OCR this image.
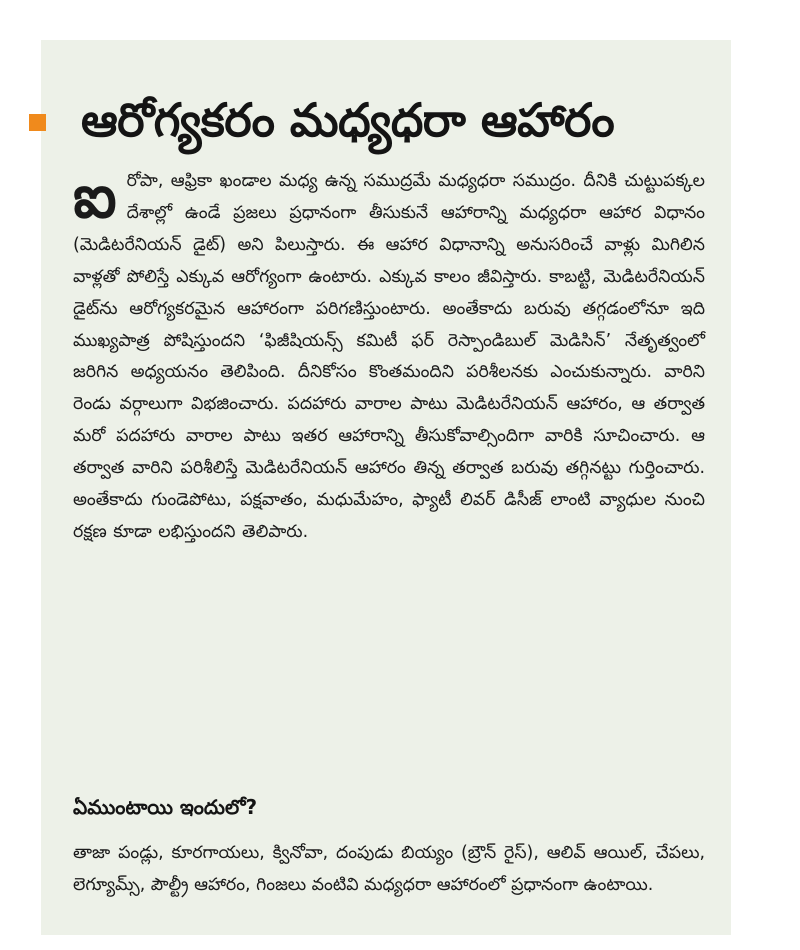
ఆరోగ్యకరం మధ్యధరా ఆహారం
ఐ రోపా, ఆఫ్రికా ఖండాల మధ్య ఉన్న సముద్రమే మధ్యధరా సముద్రం. దీనికి చుట్టుపక్కల దేశాల్లో ఉండే ప్రజలు ప్రధానంగా తీసుకునే ఆహారాన్ని మధ్యధరా ఆహార విధానం (మెడిటరేనియన్ డైట్) అని పిలుస్తారు. ఈ ఆహార విధానాన్ని అనుసరించే వాళ్లు మిగిలిన వాళ్లతో పోలిస్తే ఎక్కువ ఆరోగ్యంగా ఉంటారు. ఎక్కువ కాలం జీవిస్తారు. కాబట్టి, మెడిటరేనియన్ డైట్‌ను ఆరోగ్యకరమైన ఆహారంగా పరిగణిస్తుంటారు. అంతేకాదు బరువు తగ్గడంలోనూ ఇది ముఖ్యపాత్ర పోషిస్తుందని ‘ఫిజీషియన్స్ కమిటీ ఫర్ రెస్పాండిబుల్ మెడిసిన్’ నేతృత్వంలో జరిగిన అధ్యయనం తెలిపింది. దీనికోసం కొంతమందిని పరిశీలనకు ఎంచుకున్నారు. వారిని రెండు వర్గాలుగా విభజించారు. పదహారు వారాల పాటు మెడిటరేనియన్ ఆహారం, ఆ తర్వాత మరో పదహారు వారాల పాటు ఇతర ఆహారాన్ని తీసుకోవాల్సిందిగా వారికి సూచించారు. ఆ తర్వాత వారిని పరిశీలిస్తే మెడిటరేనియన్ ఆహారం తిన్న తర్వాత బరువు తగ్గినట్టు గుర్తించారు. అంతేకాదు గుండెపోటు, పక్షవాతం, మధుమేహం, ఫ్యాటీ లివర్ డిసీజ్ లాంటి వ్యాధుల నుంచి రక్షణ కూడా లభిస్తుందని తెలిపారు.

ఏముంటాయి ఇందులో?

తాజా పండ్లు, కూరగాయలు, క్వినోవా, దంపుడు బియ్యం (బ్రౌన్ రైస్), ఆలివ్ ఆయిల్, చేపలు, లెగ్యూమ్స్, పౌల్ట్రీ ఆహారం, గింజలు వంటివి మధ్యధరా ఆహారంలో ప్రధానంగా ఉంటాయి.
